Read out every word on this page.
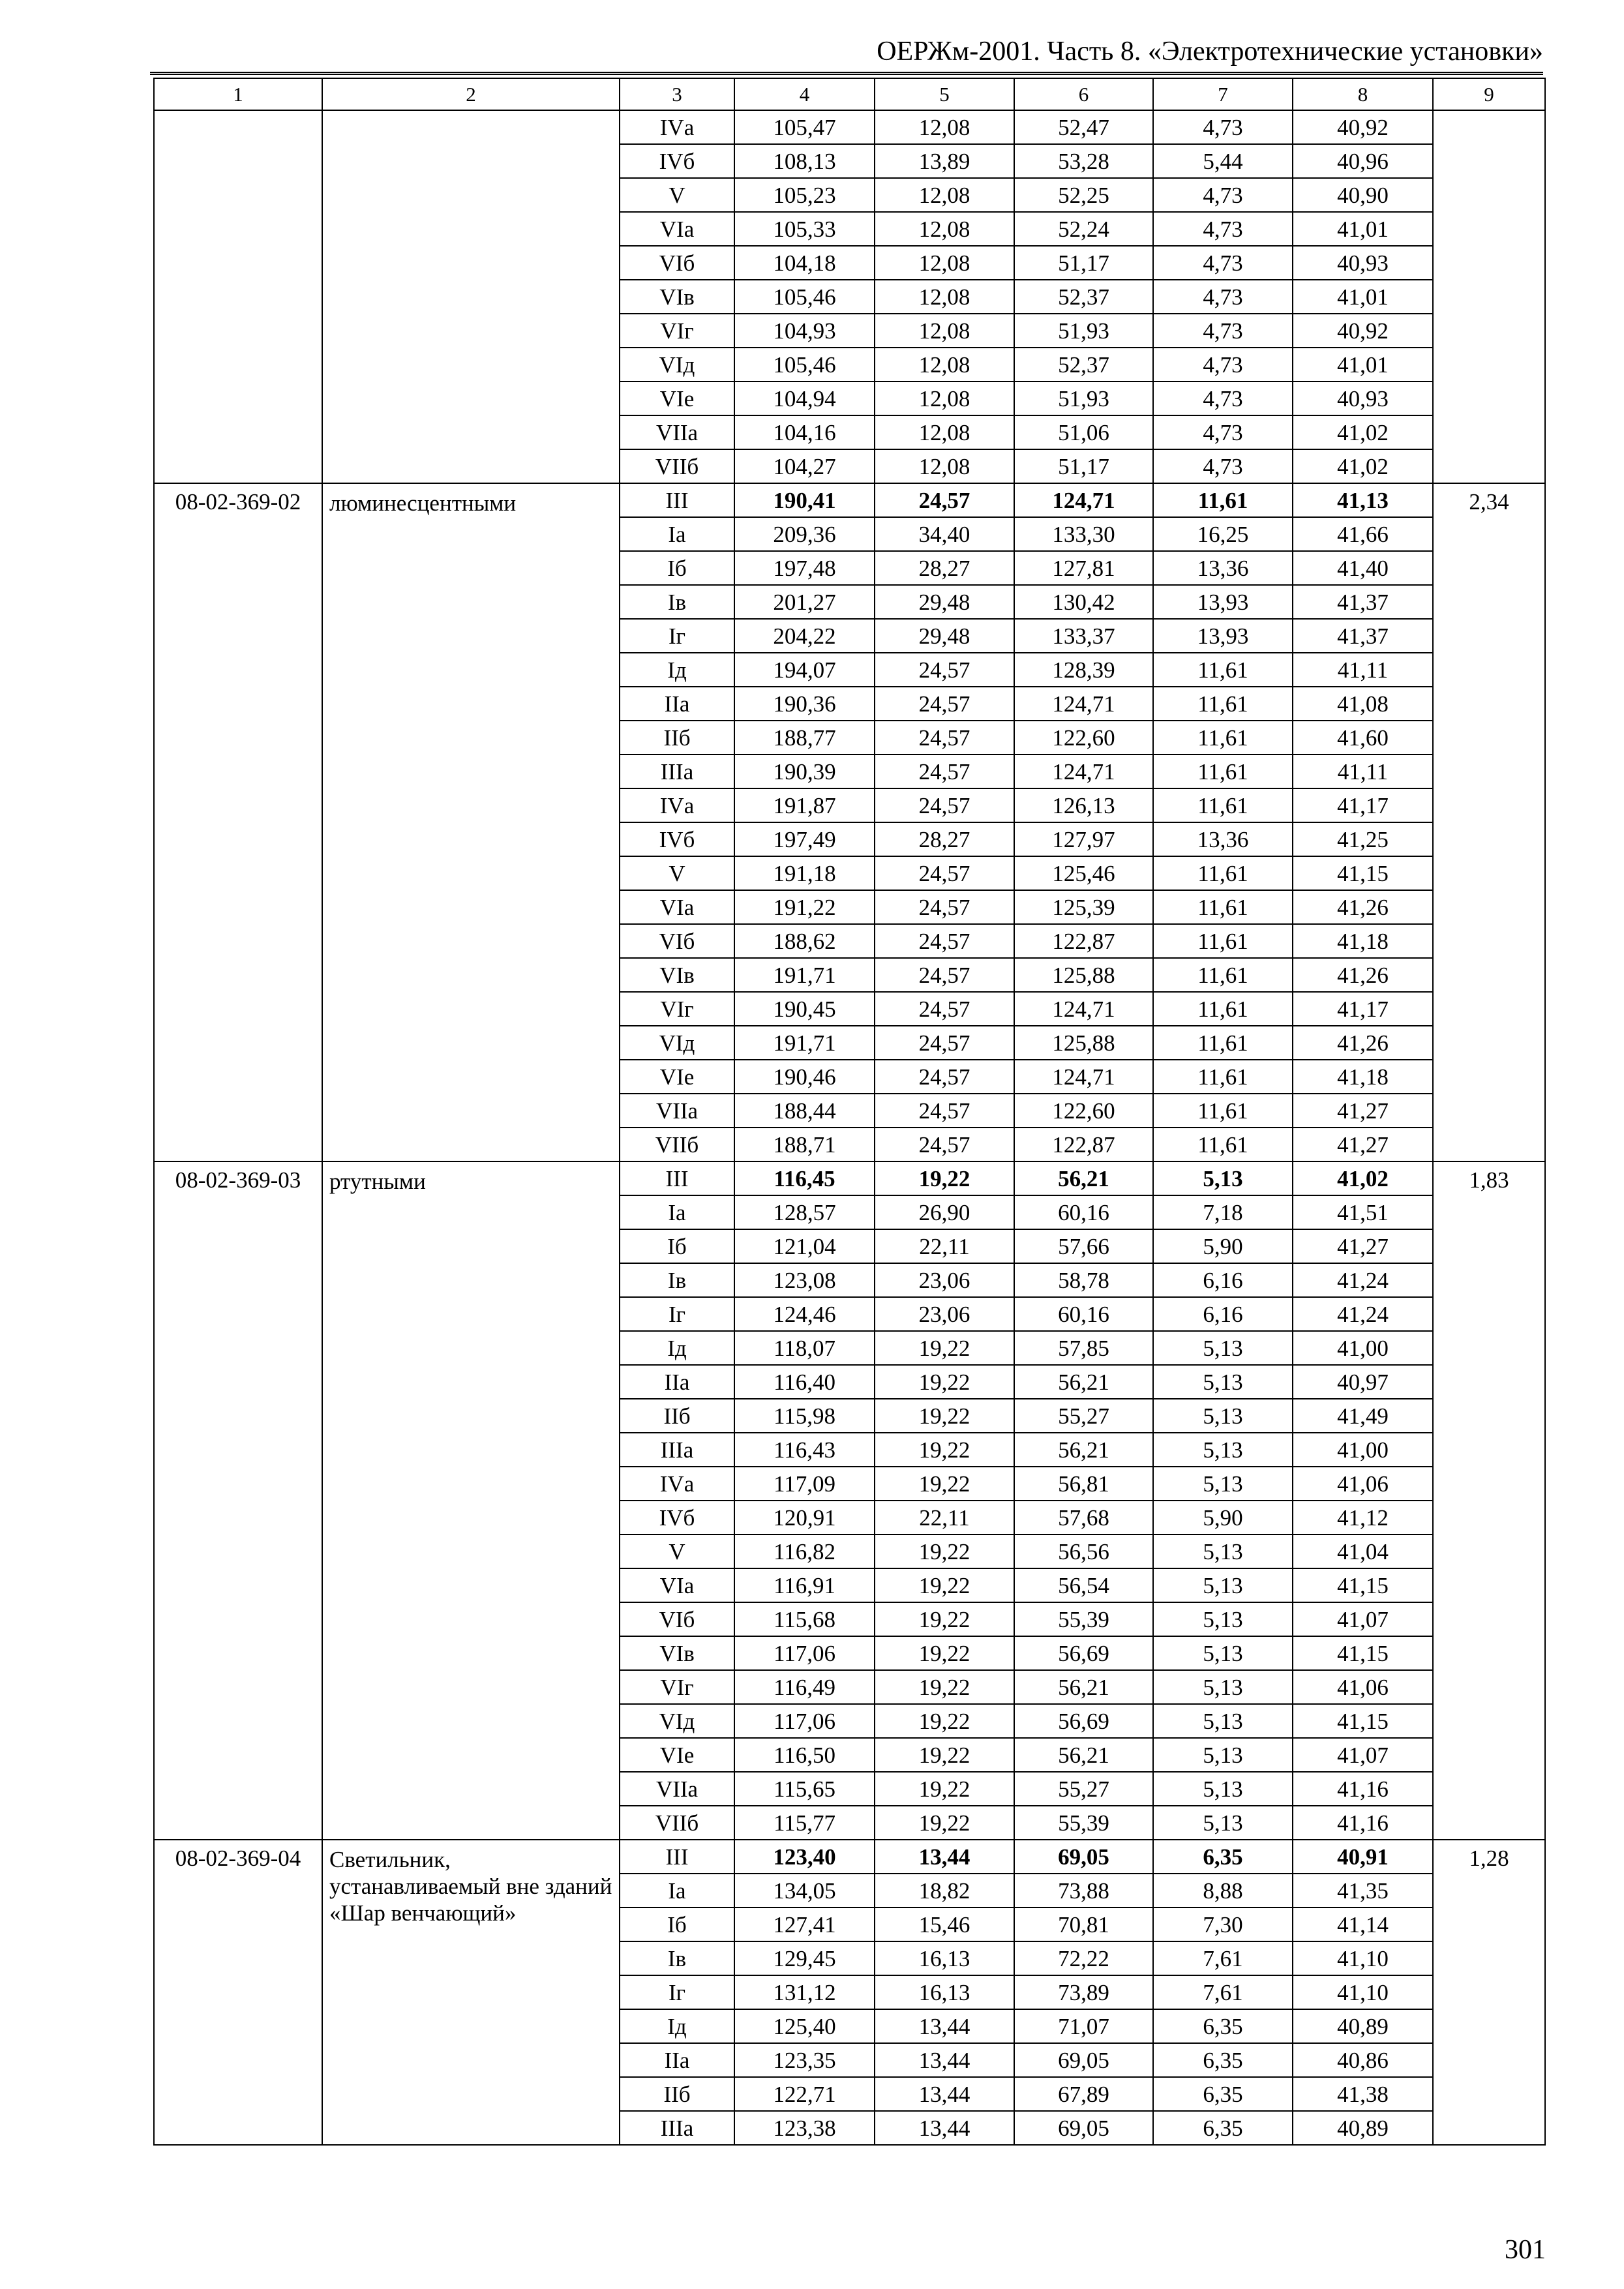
ОЕРЖм-2001. Часть 8. «Электротехнические установки»
1	2	3	4	5	6	7	8	9
		IVа	105,47	12,08	52,47	4,73	40,92	
		IVб	108,13	13,89	53,28	5,44	40,96	
		V	105,23	12,08	52,25	4,73	40,90	
		VIа	105,33	12,08	52,24	4,73	41,01	
		VIб	104,18	12,08	51,17	4,73	40,93	
		VIв	105,46	12,08	52,37	4,73	41,01	
		VIг	104,93	12,08	51,93	4,73	40,92	
		VIд	105,46	12,08	52,37	4,73	41,01	
		VIе	104,94	12,08	51,93	4,73	40,93	
		VIIа	104,16	12,08	51,06	4,73	41,02	
		VIIб	104,27	12,08	51,17	4,73	41,02	
08-02-369-02	люминесцентными	III	190,41	24,57	124,71	11,61	41,13	2,34
		Iа	209,36	34,40	133,30	16,25	41,66	
		Iб	197,48	28,27	127,81	13,36	41,40	
		Iв	201,27	29,48	130,42	13,93	41,37	
		Iг	204,22	29,48	133,37	13,93	41,37	
		Iд	194,07	24,57	128,39	11,61	41,11	
		IIа	190,36	24,57	124,71	11,61	41,08	
		IIб	188,77	24,57	122,60	11,61	41,60	
		IIIа	190,39	24,57	124,71	11,61	41,11	
		IVа	191,87	24,57	126,13	11,61	41,17	
		IVб	197,49	28,27	127,97	13,36	41,25	
		V	191,18	24,57	125,46	11,61	41,15	
		VIа	191,22	24,57	125,39	11,61	41,26	
		VIб	188,62	24,57	122,87	11,61	41,18	
		VIв	191,71	24,57	125,88	11,61	41,26	
		VIг	190,45	24,57	124,71	11,61	41,17	
		VIд	191,71	24,57	125,88	11,61	41,26	
		VIе	190,46	24,57	124,71	11,61	41,18	
		VIIа	188,44	24,57	122,60	11,61	41,27	
		VIIб	188,71	24,57	122,87	11,61	41,27	
08-02-369-03	ртутными	III	116,45	19,22	56,21	5,13	41,02	1,83
		Iа	128,57	26,90	60,16	7,18	41,51	
		Iб	121,04	22,11	57,66	5,90	41,27	
		Iв	123,08	23,06	58,78	6,16	41,24	
		Iг	124,46	23,06	60,16	6,16	41,24	
		Iд	118,07	19,22	57,85	5,13	41,00	
		IIа	116,40	19,22	56,21	5,13	40,97	
		IIб	115,98	19,22	55,27	5,13	41,49	
		IIIа	116,43	19,22	56,21	5,13	41,00	
		IVа	117,09	19,22	56,81	5,13	41,06	
		IVб	120,91	22,11	57,68	5,90	41,12	
		V	116,82	19,22	56,56	5,13	41,04	
		VIа	116,91	19,22	56,54	5,13	41,15	
		VIб	115,68	19,22	55,39	5,13	41,07	
		VIв	117,06	19,22	56,69	5,13	41,15	
		VIг	116,49	19,22	56,21	5,13	41,06	
		VIд	117,06	19,22	56,69	5,13	41,15	
		VIе	116,50	19,22	56,21	5,13	41,07	
		VIIа	115,65	19,22	55,27	5,13	41,16	
		VIIб	115,77	19,22	55,39	5,13	41,16	
08-02-369-04	Светильник, устанавливаемый вне зданий «Шар венчающий»	III	123,40	13,44	69,05	6,35	40,91	1,28
		Iа	134,05	18,82	73,88	8,88	41,35	
		Iб	127,41	15,46	70,81	7,30	41,14	
		Iв	129,45	16,13	72,22	7,61	41,10	
		Iг	131,12	16,13	73,89	7,61	41,10	
		Iд	125,40	13,44	71,07	6,35	40,89	
		IIа	123,35	13,44	69,05	6,35	40,86	
		IIб	122,71	13,44	67,89	6,35	41,38	
		IIIа	123,38	13,44	69,05	6,35	40,89	
301
